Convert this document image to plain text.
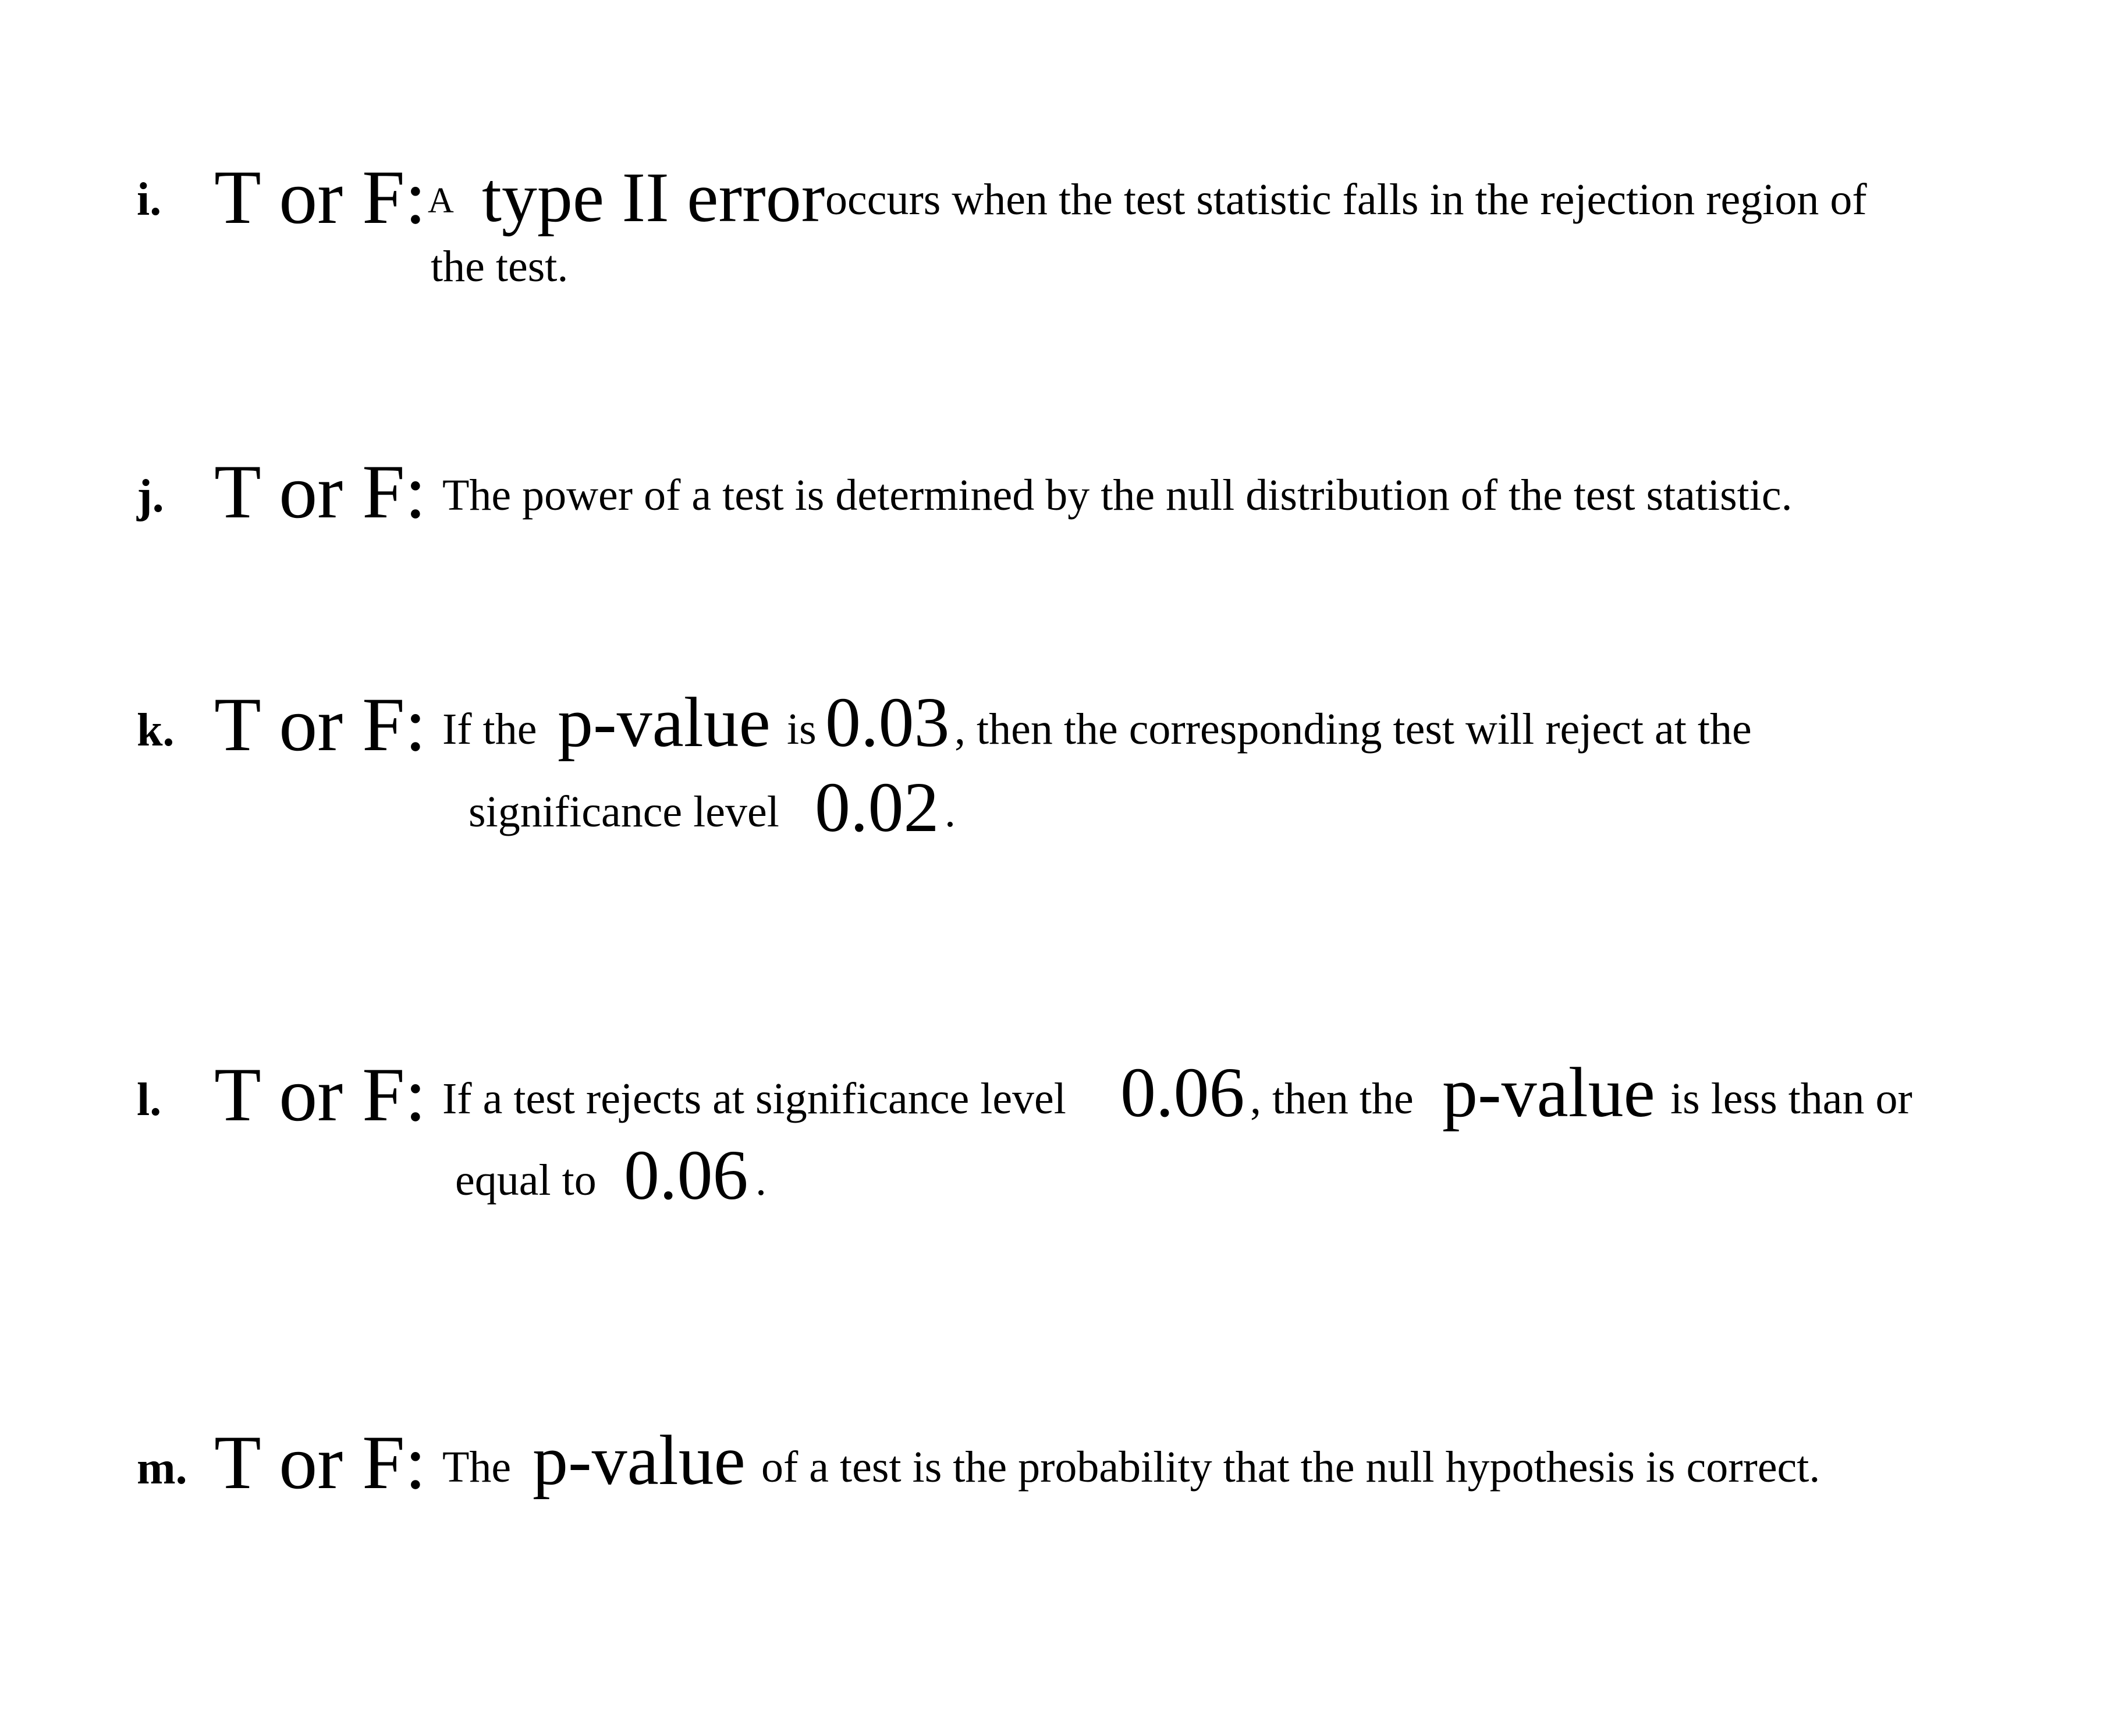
i. T or F: A type II error occurs when the test statistic falls in the rejection region of
the test.
j. T or F: The power of a test is determined by the null distribution of the test statistic.
k. T or F: If the p-value is 0.03 , then the corresponding test will reject at the
significance level 0.02 .
l. T or F: If a test rejects at significance level 0.06 , then the p-value is less than or
equal to 0.06 .
m. T or F: The p-value of a test is the probability that the null hypothesis is correct.
